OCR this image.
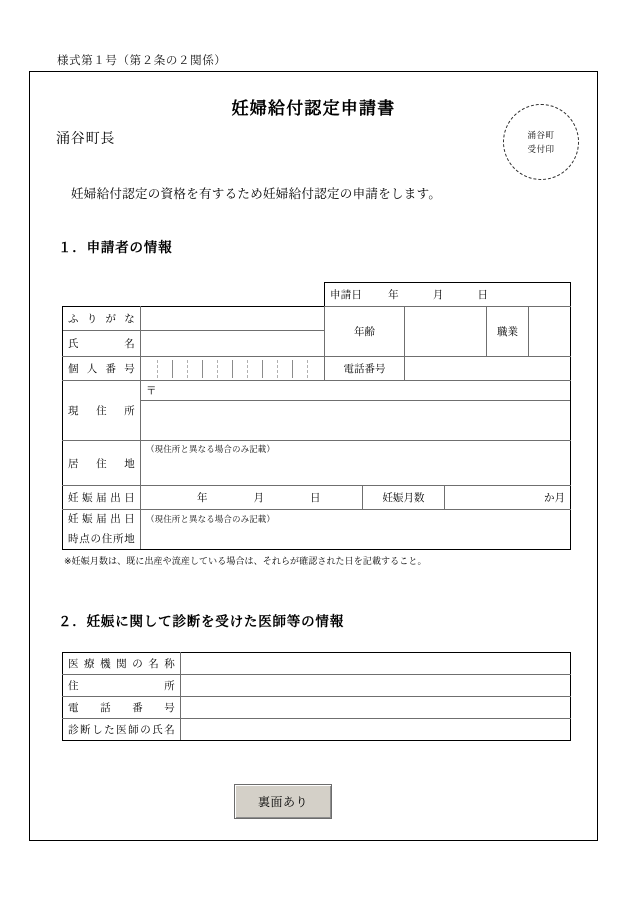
様式第１号（第２条の２関係）
妊婦給付認定申請書
涌谷町
受付印
涌谷町長
妊婦給付認定の資格を有するため妊婦給付認定の申請をします。
１．申請者の情報

		申請日 年 月 日					

ふりがな		年齢				職業	
氏　　　名							
個 人 番 号		電話番号					
現　住　所	〒						

居　住　地	（現住所と異なる場合のみ記載）						

妊娠届出日	年 月 日		妊娠月数		か月		

妊娠届出日	（現住所と異なる場合のみ記載）						
時点の住所地							
※妊娠月数は、既に出産や流産している場合は、それらが確認された日を記載すること。
２．妊娠に関して診断を受けた医師等の情報
医療機関の名称	
住　　　　　所	
電　話　番　号	
診断した医師の氏名	
裏面あり
